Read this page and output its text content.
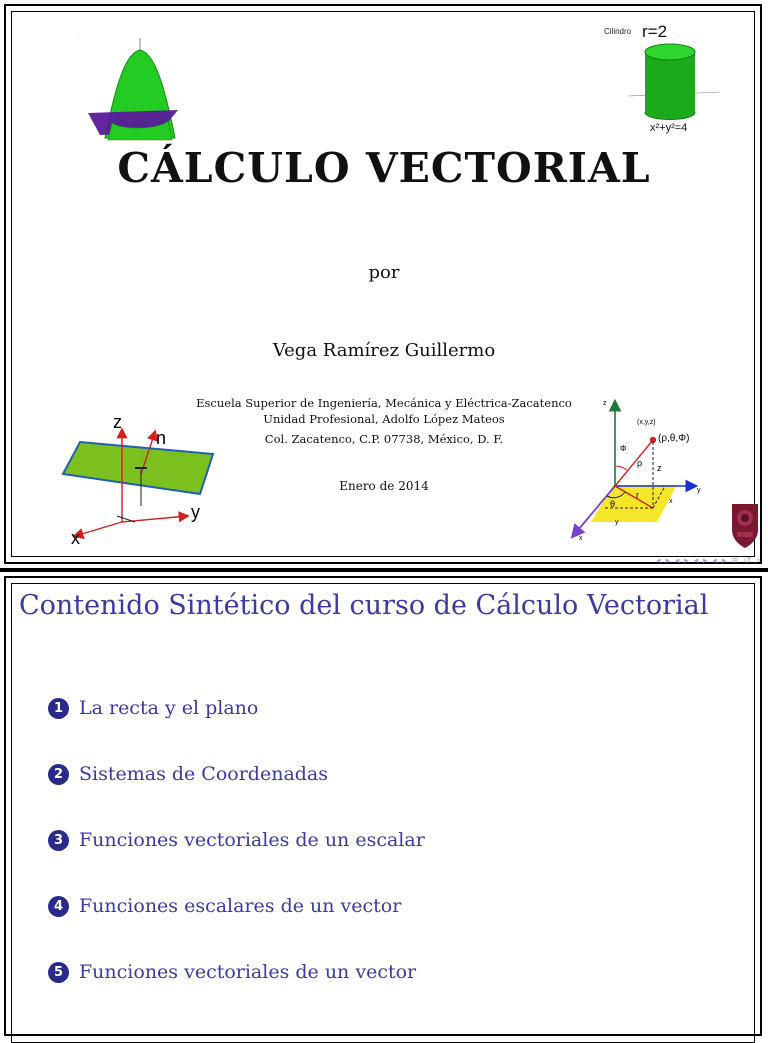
.	Cilindro r=2
x²+y²=4
CÁLCULO VECTORIAL
por
Vega Ramírez Guillermo
Escuela Superior de Ingeniería, Mecánica y Eléctrica-Zacatenco
Unidad Profesional, Adolfo López Mateos
Col. Zacatenco, C.P. 07738, México, D. F.
Enero de 2014
z
n
y
x
(x,y,z)
(ρ,θ,Φ)
Φ
ρ z
r
θ	x
y
y
x
z
◂ ▸ ◂ ▸ ◂ ▸ ◂ ▸ ≡ ↺ ⌕
Contenido Sintético del curso de Cálculo Vectorial
1 La recta y el plano
2 Sistemas de Coordenadas
3 Funciones vectoriales de un escalar
4 Funciones escalares de un vector
5 Funciones vectoriales de un vector
